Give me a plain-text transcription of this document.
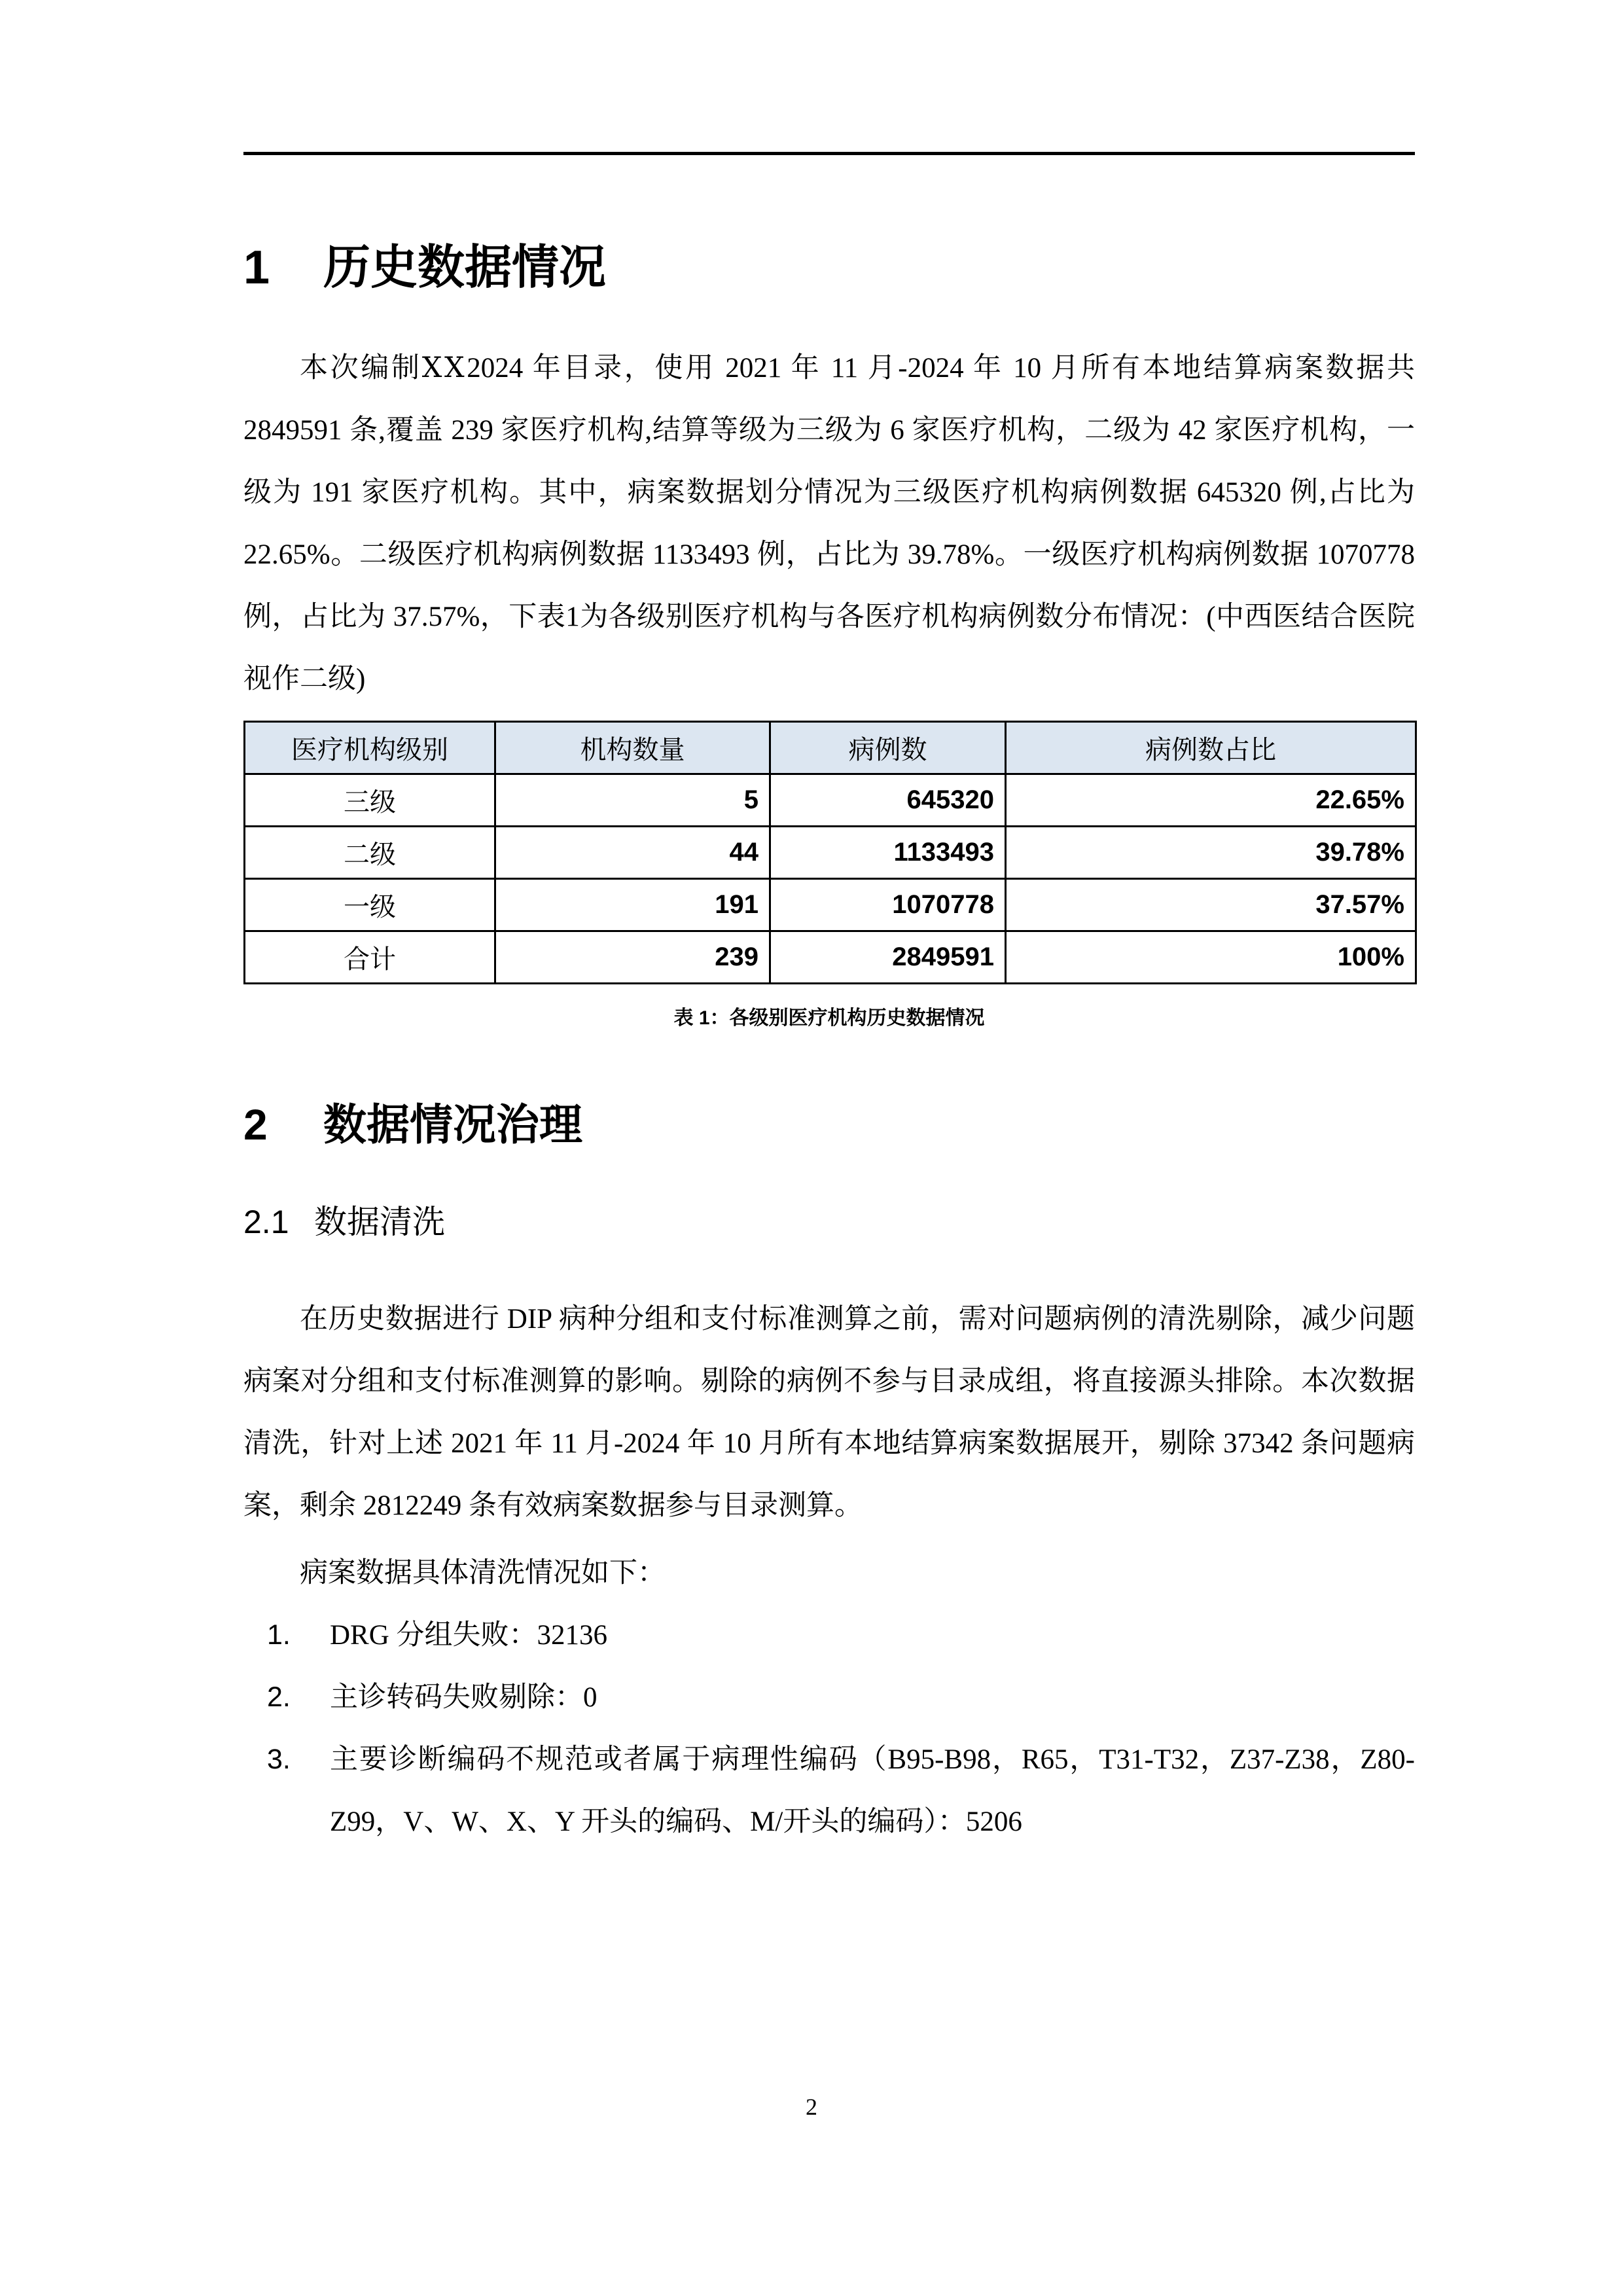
1 历史数据情况

本次编制ⅩⅩ2024 年目录，使用 2021 年 11 月-2024 年 10 月所有本地结算病案数据共 2849591 条,覆盖 239 家医疗机构,结算等级为三级为 6 家医疗机构，二级为 42 家医疗机构，一级为 191 家医疗机构。其中，病案数据划分情况为三级医疗机构病例数据 645320 例,占比为 22.65%。二级医疗机构病例数据 1133493 例，占比为 39.78%。一级医疗机构病例数据 1070778 例，占比为 37.57%，下表1为各级别医疗机构与各医疗机构病例数分布情况：(中西医结合医院视作二级)

医疗机构级别	机构数量	病例数	病例数占比
三级	5	645320	22.65%
二级	44	1133493	39.78%
一级	191	1070778	37.57%
合计	239	2849591	100%

表 1：各级别医疗机构历史数据情况

2 数据情况治理
2.1 数据清洗

在历史数据进行 DIP 病种分组和支付标准测算之前，需对问题病例的清洗剔除，减少问题病案对分组和支付标准测算的影响。剔除的病例不参与目录成组，将直接源头排除。本次数据清洗，针对上述 2021 年 11 月-2024 年 10 月所有本地结算病案数据展开，剔除 37342 条问题病案，剩余 2812249 条有效病案数据参与目录测算。

病案数据具体清洗情况如下：

1. DRG 分组失败：32136
2. 主诊转码失败剔除：0
3. 主要诊断编码不规范或者属于病理性编码（B95-B98，R65，T31-T32，Z37-Z38，Z80-Z99，V、W、X、Y 开头的编码、M/开头的编码）：5206
2
